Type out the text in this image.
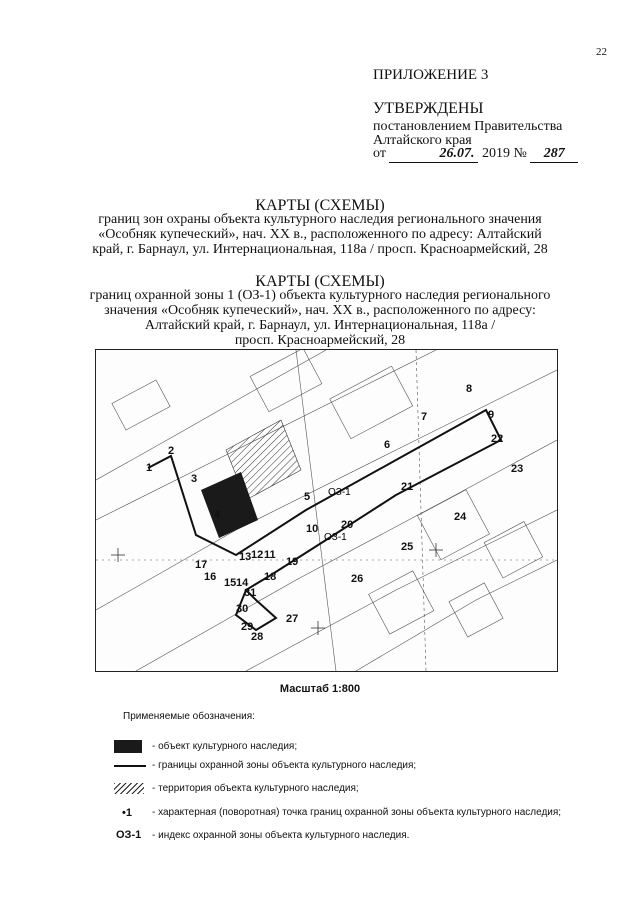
22
ПРИЛОЖЕНИЕ 3
УТВЕРЖДЕНЫ
постановлением Правительства
Алтайского края
от	26.07. 2019 № 287
КАРТЫ (СХЕМЫ)
границ зон охраны объекта культурного наследия регионального значения
«Особняк купеческий», нач. XX в., расположенного по адресу: Алтайский
край, г. Барнаул, ул. Интернациональная, 118а / просп. Красноармейский, 28
КАРТЫ (СХЕМЫ)
границ охранной зоны 1 (ОЗ-1) объекта культурного наследия регионального
значения «Особняк купеческий», нач. XX в., расположенного по адресу:
Алтайский край, г. Барнаул, ул. Интернациональная, 118а /
просп. Красноармейский, 28
ОЗ-1
ОЗ-1
1
2
3
4
5
6
7
8
9
10
11
12
13
14
15
16
17
18
19
20
21
22
23
24
25
26
27
28
29
30
31
Масштаб 1:800
Применяемые обозначения:
- объект культурного наследия;
- границы охранной зоны объекта культурного наследия;
- территория объекта культурного наследия;
•1 - характерная (поворотная) точка границ охранной зоны объекта культурного наследия;
ОЗ-1 - индекс охранной зоны объекта культурного наследия.
